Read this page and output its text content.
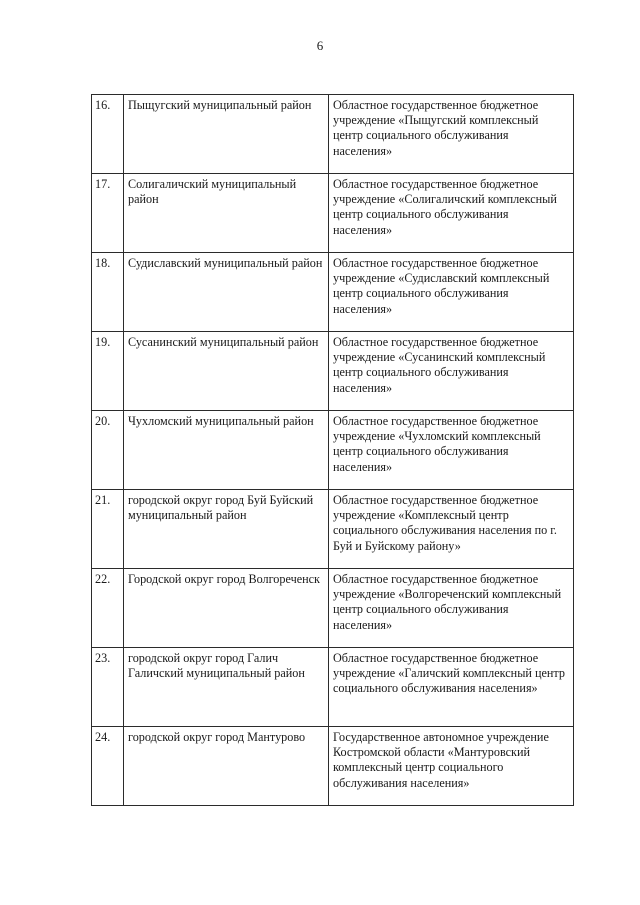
6
16.	Пыщугский муниципальный район	Областное государственное бюджетное учреждение «Пыщугский комплексный центр социального обслуживания населения»
17.	Солигаличский муниципальный район	Областное государственное бюджетное учреждение «Солигаличский комплексный центр социального обслуживания населения»
18.	Судиславский муниципальный район	Областное государственное бюджетное учреждение «Судиславский комплексный центр социального обслуживания населения»
19.	Сусанинский муниципальный район	Областное государственное бюджетное учреждение «Сусанинский комплексный центр социального обслуживания населения»
20.	Чухломский муниципальный район	Областное государственное бюджетное учреждение «Чухломский комплексный центр социального обслуживания населения»
21.	городской округ город Буй Буйский муниципальный район	Областное государственное бюджетное учреждение «Комплексный центр социального обслуживания населения по г. Буй и Буйскому району»
22.	Городской округ город Волгореченск	Областное государственное бюджетное учреждение «Волгореченский комплексный центр социального обслуживания населения»
23.	городской округ город Галич Галичский муниципальный район	Областное государственное бюджетное учреждение «Галичский комплексный центр социального обслуживания населения»
24.	городской округ город Мантурово	Государственное автономное учреждение Костромской области «Мантуровский комплексный центр социального обслуживания населения»
